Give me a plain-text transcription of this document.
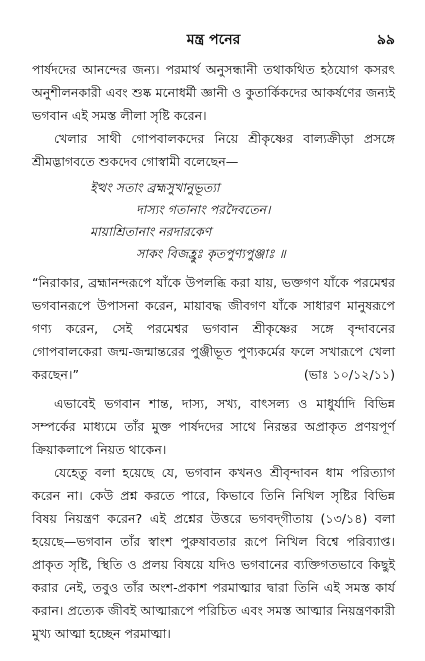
মন্ত্র পনের	৯৯

পার্ষদদের আনন্দের জন্য। পরমার্থ অনুসন্ধানী তথাকথিত হঠযোগ কসরৎ অনুশীলনকারী এবং শুষ্ক মনোধর্মী জ্ঞানী ও কুতার্কিকদের আকর্ষণের জন্যই ভগবান এই সমস্ত লীলা সৃষ্টি করেন।

খেলার সাথী গোপবালকদের নিয়ে শ্রীকৃষ্ণের বাল্যক্রীড়া প্রসঙ্গে শ্রীমদ্ভাগবতে শুকদেব গোস্বামী বলেছেন—

ইত্থং সতাং ব্রহ্মসুখানুভূত্যা
দাস্যং গতানাং পরদৈবতেন।
মায়াশ্রিতানাং নরদারকেণ
সাকং বিজহ্রুঃ কৃতপুণ্যপুঞ্জাঃ ॥
“নিরাকার, ব্রহ্মানন্দরূপে যাঁকে উপলব্ধি করা যায়, ভক্তগণ যাঁকে পরমেশ্বর ভগবানরূপে উপাসনা করেন, মায়াবদ্ধ জীবগণ যাঁকে সাধারণ মানুষরূপে গণ্য করেন, সেই পরমেশ্বর ভগবান শ্রীকৃষ্ণের সঙ্গে বৃন্দাবনের গোপবালকেরা জন্ম-জন্মান্তরের পুঞ্জীভূত পুণ্যকর্মের ফলে সখারূপে খেলা করছেন।”	(ভাঃ ১০/১২/১১)

এভাবেই ভগবান শান্ত, দাস্য, সখ্য, বাৎসল্য ও মাধুর্যাদি বিভিন্ন সম্পর্কের মাধ্যমে তাঁর মুক্ত পার্ষদদের সাথে নিরন্তর অপ্রাকৃত প্রণয়পূর্ণ ক্রিয়াকলাপে নিয়ত থাকেন।

যেহেতু বলা হয়েছে যে, ভগবান কখনও শ্রীবৃন্দাবন ধাম পরিত্যাগ করেন না। কেউ প্রশ্ন করতে পারে, কিভাবে তিনি নিখিল সৃষ্টির বিভিন্ন বিষয় নিয়ন্ত্রণ করেন? এই প্রশ্নের উত্তরে ভগবদ্‌গীতায় (১৩/১৪) বলা হয়েছে—ভগবান তাঁর স্বাংশ পুরুষাবতার রূপে নিখিল বিশ্বে পরিব্যাপ্ত। প্রাকৃত সৃষ্টি, স্থিতি ও প্রলয় বিষয়ে যদিও ভগবানের ব্যক্তিগতভাবে কিছুই করার নেই, তবুও তাঁর অংশ-প্রকাশ পরমাত্মার দ্বারা তিনি এই সমস্ত কার্য করান। প্রত্যেক জীবই আত্মারূপে পরিচিত এবং সমস্ত আত্মার নিয়ন্ত্রণকারী মুখ্য আত্মা হচ্ছেন পরমাত্মা।
